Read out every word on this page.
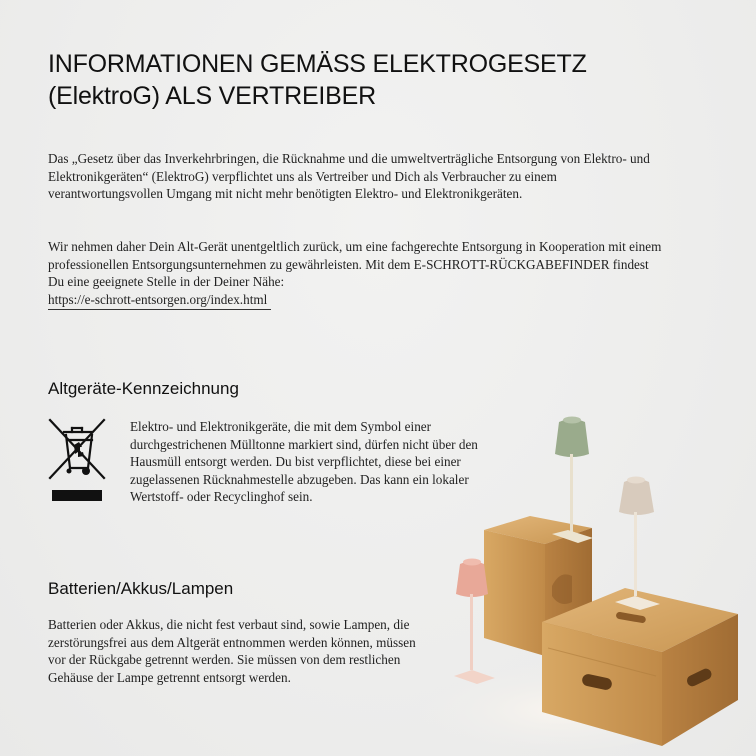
INFORMATIONEN GEMÄSS ELEKTROGESETZ
(ElektroG) ALS VERTREIBER

Das „Gesetz über das Inverkehrbringen, die Rücknahme und die umweltverträgliche Entsorgung von Elektro- und Elektronikgeräten“ (ElektroG) verpflichtet uns als Vertreiber und Dich als Verbraucher zu einem verantwortungsvollen Umgang mit nicht mehr benötigten Elektro- und Elektronikgeräten.

Wir nehmen daher Dein Alt-Gerät unentgeltlich zurück, um eine fachgerechte Entsorgung in Kooperation mit einem professionellen Entsorgungsunternehmen zu gewährleisten. Mit dem E-SCHROTT-RÜCKGABEFINDER findest Du eine geeignete Stelle in der Deiner Nähe:
https://e-schrott-entsorgen.org/index.html
Altgeräte-Kennzeichnung

Elektro- und Elektronikgeräte, die mit dem Symbol einer durchgestrichenen Mülltonne markiert sind, dürfen nicht über den Hausmüll entsorgt werden. Du bist verpflichtet, diese bei einer zugelassenen Rücknahmestelle abzugeben. Das kann ein lokaler Wertstoff- oder Recyclinghof sein.

Batterien/Akkus/Lampen

Batterien oder Akkus, die nicht fest verbaut sind, sowie Lampen, die zerstörungsfrei aus dem Altgerät entnommen werden können, müssen vor der Rückgabe getrennt werden. Sie müssen von dem restlichen Gehäuse der Lampe getrennt entsorgt werden.
